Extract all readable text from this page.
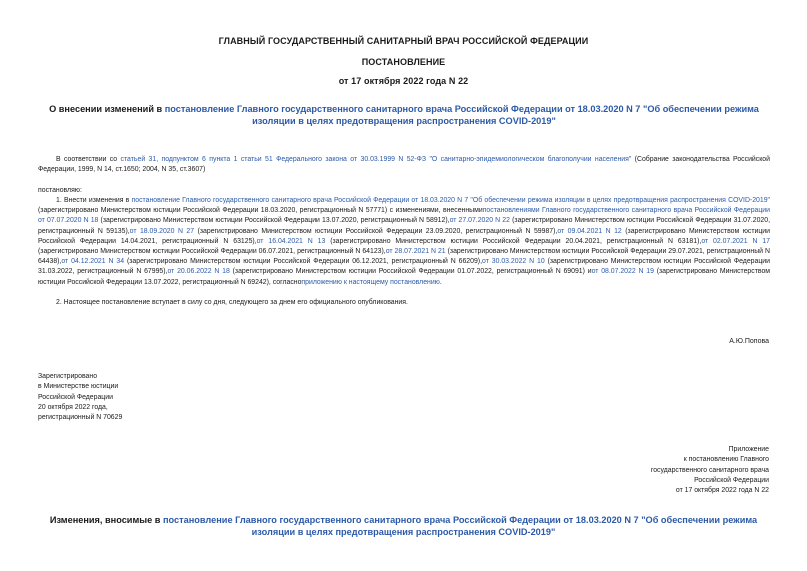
ГЛАВНЫЙ ГОСУДАРСТВЕННЫЙ САНИТАРНЫЙ ВРАЧ РОССИЙСКОЙ ФЕДЕРАЦИИ
ПОСТАНОВЛЕНИЕ
от 17 октября 2022 года N 22
О внесении изменений в постановление Главного государственного санитарного врача Российской Федерации от 18.03.2020 N 7 "Об обеспечении режима изоляции в целях предотвращения распространения COVID-2019"
В соответствии со статьей 31, подпунктом 6 пункта 1 статьи 51 Федерального закона от 30.03.1999 N 52-ФЗ "О санитарно-эпидемиологическом благополучии населения" (Собрание законодательства Российской Федерации, 1999, N 14, ст.1650; 2004, N 35, ст.3607)
постановляю:
1. Внести изменения в постановление Главного государственного санитарного врача Российской Федерации от 18.03.2020 N 7 "Об обеспечении режима изоляции в целях предотвращения распространения COVID-2019" (зарегистрировано Министерством юстиции Российской Федерации 18.03.2020, регистрационный N 57771) с изменениями, внесеннымипостановлениями Главного государственного санитарного врача Российской Федерации от 07.07.2020 N 18 (зарегистрировано Министерством юстиции Российской Федерации 13.07.2020, регистрационный N 58912),от 27.07.2020 N 22 (зарегистрировано Министерством юстиции Российской Федерации 31.07.2020, регистрационный N 59135),от 18.09.2020 N 27 (зарегистрировано Министерством юстиции Российской Федерации 23.09.2020, регистрационный N 59987),от 09.04.2021 N 12 (зарегистрировано Министерством юстиции Российской Федерации 14.04.2021, регистрационный N 63125),от 16.04.2021 N 13 (зарегистрировано Министерством юстиции Российской Федерации 20.04.2021, регистрационный N 63181),от 02.07.2021 N 17 (зарегистрировано Министерством юстиции Российской Федерации 06.07.2021, регистрационный N 64123),от 28.07.2021 N 21 (зарегистрировано Министерством юстиции Российской Федерации 29.07.2021, регистрационный N 64438),от 04.12.2021 N 34 (зарегистрировано Министерством юстиции Российской Федерации 06.12.2021, регистрационный N 66209),от 30.03.2022 N 10 (зарегистрировано Министерством юстиции Российской Федерации 31.03.2022, регистрационный N 67995),от 20.06.2022 N 18 (зарегистрировано Министерством юстиции Российской Федерации 01.07.2022, регистрационный N 69091) иот 08.07.2022 N 19 (зарегистрировано Министерством юстиции Российской Федерации 13.07.2022, регистрационный N 69242), согласноприложению к настоящему постановлению.
2. Настоящее постановление вступает в силу со дня, следующего за днем его официального опубликования.
А.Ю.Попова
Зарегистрировано
в Министерстве юстиции
Российской Федерации
20 октября 2022 года,
регистрационный N 70629
Приложение
к постановлению Главного
государственного санитарного врача
Российской Федерации
от 17 октября 2022 года N 22
Изменения, вносимые в постановление Главного государственного санитарного врача Российской Федерации от 18.03.2020 N 7 "Об обеспечении режима изоляции в целях предотвращения распространения COVID-2019"
